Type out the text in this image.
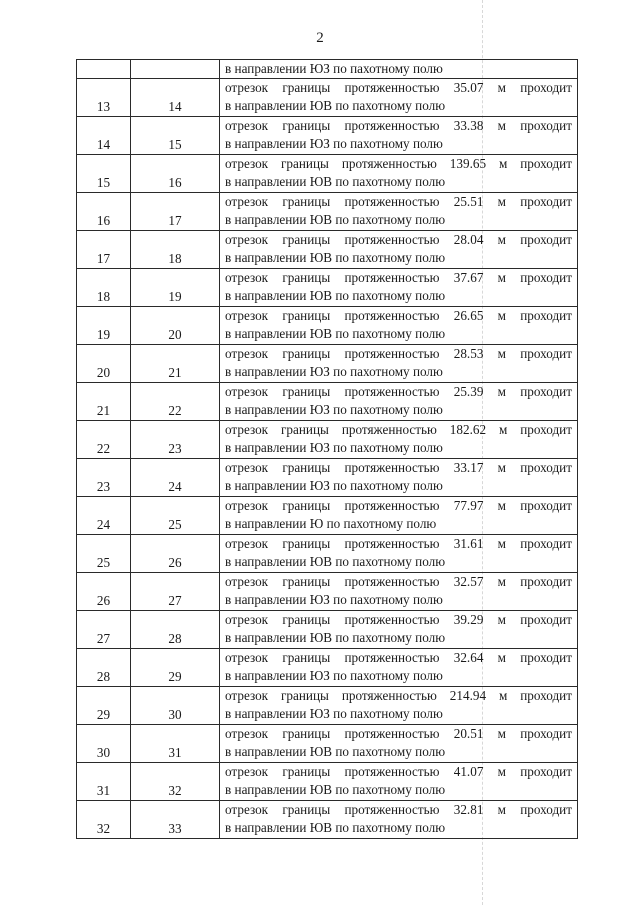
2

		в направлении ЮЗ по пахотному полю

13	14	отрезок границы протяженностью 35.07 м проходит
в направлении ЮВ по пахотному полю

14	15	отрезок границы протяженностью 33.38 м проходит
в направлении ЮЗ по пахотному полю

15	16	отрезок границы протяженностью 139.65 м проходит
в направлении ЮВ по пахотному полю

16	17	отрезок границы протяженностью 25.51 м проходит
в направлении ЮВ по пахотному полю

17	18	отрезок границы протяженностью 28.04 м проходит
в направлении ЮВ по пахотному полю

18	19	отрезок границы протяженностью 37.67 м проходит
в направлении ЮВ по пахотному полю

19	20	отрезок границы протяженностью 26.65 м проходит
в направлении ЮВ по пахотному полю

20	21	отрезок границы протяженностью 28.53 м проходит
в направлении ЮЗ по пахотному полю

21	22	отрезок границы протяженностью 25.39 м проходит
в направлении ЮЗ по пахотному полю

22	23	отрезок границы протяженностью 182.62 м проходит
в направлении ЮЗ по пахотному полю

23	24	отрезок границы протяженностью 33.17 м проходит
в направлении ЮЗ по пахотному полю

24	25	отрезок границы протяженностью 77.97 м проходит
в направлении Ю по пахотному полю

25	26	отрезок границы протяженностью 31.61 м проходит
в направлении ЮВ по пахотному полю

26	27	отрезок границы протяженностью 32.57 м проходит
в направлении ЮЗ по пахотному полю

27	28	отрезок границы протяженностью 39.29 м проходит
в направлении ЮВ по пахотному полю

28	29	отрезок границы протяженностью 32.64 м проходит
в направлении ЮЗ по пахотному полю

29	30	отрезок границы протяженностью 214.94 м проходит
в направлении ЮЗ по пахотному полю

30	31	отрезок границы протяженностью 20.51 м проходит
в направлении ЮВ по пахотному полю

31	32	отрезок границы протяженностью 41.07 м проходит
в направлении ЮВ по пахотному полю

32	33	отрезок границы протяженностью 32.81 м проходит
в направлении ЮВ по пахотному полю
